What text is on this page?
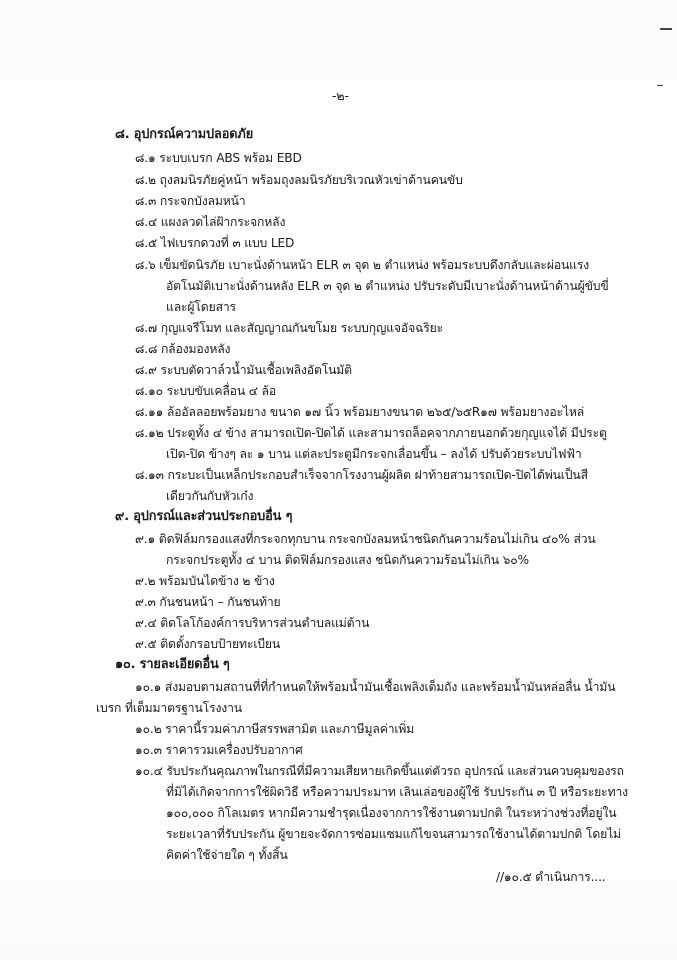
-๒-
๘. อุปกรณ์ความปลอดภัย
๘.๑ ระบบเบรก ABS พร้อม EBD
๘.๒ ถุงลมนิรภัยคู่หน้า พร้อมถุงลมนิรภัยบริเวณหัวเข่าด้านคนขับ
๘.๓ กระจกบังลมหน้า
๘.๔ แผงลวดไล่ฝ้ากระจกหลัง
๘.๕ ไฟเบรกดวงที่ ๓ แบบ LED
๘.๖ เข็มขัดนิรภัย เบาะนั่งด้านหน้า ELR ๓ จุด ๒ ตำแหน่ง พร้อมระบบดึงกลับและผ่อนแรง
อัตโนมัติเบาะนั่งด้านหลัง ELR ๓ จุด ๒ ตำแหน่ง ปรับระดับมีเบาะนั่งด้านหน้าด้านผู้ขับขี่
และผู้โดยสาร
๘.๗ กุญแจรีโมท และสัญญาณกันขโมย ระบบกุญแจอัจฉริยะ
๘.๘ กล้องมองหลัง
๘.๙ ระบบตัดวาล์วน้ำมันเชื้อเพลิงอัตโนมัติ
๘.๑๐ ระบบขับเคลื่อน ๔ ล้อ
๘.๑๑ ล้ออัลลอยพร้อมยาง ขนาด ๑๗ นิ้ว พร้อมยางขนาด ๒๖๕/๖๕R๑๗ พร้อมยางอะไหล่
๘.๑๒ ประตูทั้ง ๔ ข้าง สามารถเปิด-ปิดได้ และสามารถล็อคจากภายนอกด้วยกุญแจได้ มีประตู
เปิด-ปิด ข้างๆ ละ ๑ บาน แต่ละประตูมีกระจกเลื่อนขึ้น – ลงได้ ปรับด้วยระบบไฟฟ้า
๘.๑๓ กระบะเป็นเหล็กประกอบสำเร็จจากโรงงานผู้ผลิต ฝาท้ายสามารถเปิด-ปิดได้พ่นเป็นสี
เดียวกันกับหัวเก๋ง
๙. อุปกรณ์และส่วนประกอบอื่น ๆ
๙.๑ ติดฟิล์มกรองแสงที่กระจกทุกบาน กระจกบังลมหน้าชนิดกันความร้อนไม่เกิน ๔๐% ส่วน
กระจกประตูทั้ง ๔ บาน ติดฟิล์มกรองแสง ชนิดกันความร้อนไม่เกิน ๖๐%
๙.๒ พร้อมบันไดข้าง ๒ ข้าง
๙.๓ กันชนหน้า – กันชนท้าย
๙.๔ ติดโลโก้องค์การบริหารส่วนตำบลแม่ต้าน
๙.๕ ติดตั้งกรอบป้ายทะเบียน
๑๐. รายละเอียดอื่น ๆ
๑๐.๑ ส่งมอบตามสถานที่ที่กำหนดให้พร้อมน้ำมันเชื้อเพลิงเต็มถัง และพร้อมน้ำมันหล่อลื่น น้ำมัน
เบรก ที่เต็มมาตรฐานโรงงาน
๑๐.๒ ราคานี้รวมค่าภาษีสรรพสามิต และภาษีมูลค่าเพิ่ม
๑๐.๓ ราคารวมเครื่องปรับอากาศ
๑๐.๔ รับประกันคุณภาพในกรณีที่มีความเสียหายเกิดขึ้นแต่ตัวรถ อุปกรณ์ และส่วนควบคุมของรถ
ที่มิได้เกิดจากการใช้ผิดวิธี หรือความประมาท เลินเล่อของผู้ใช้ รับประกัน ๓ ปี หรือระยะทาง
๑๐๐,๐๐๐ กิโลเมตร หากมีความชำรุดเนื่องจากการใช้งานตามปกติ ในระหว่างช่วงที่อยู่ใน
ระยะเวลาที่รับประกัน ผู้ขายจะจัดการซ่อมแซมแก้ไขจนสามารถใช้งานได้ตามปกติ โดยไม่
คิดค่าใช้จ่ายใด ๆ ทั้งสิ้น
//๑๐.๕ ดำเนินการ....
